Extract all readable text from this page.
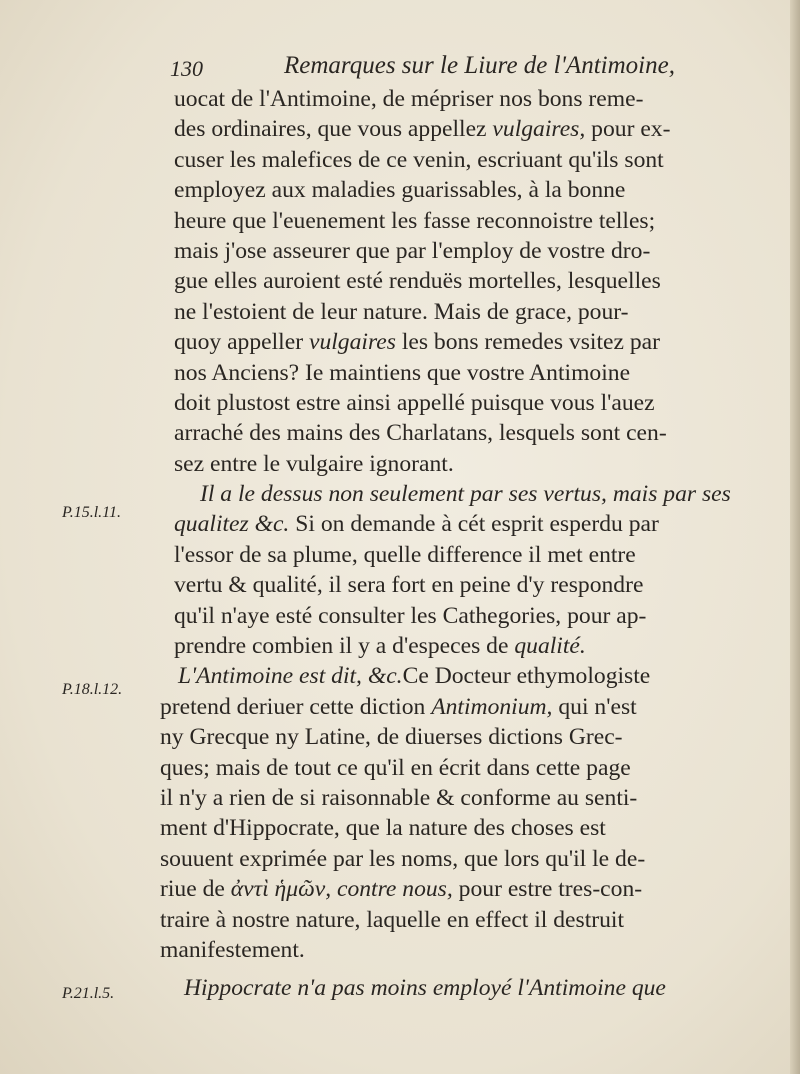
130	Remarques sur le Liure de l'Antimoine,
P.15.l.11.
P.18.l.12.
P.21.l.5.
uocat de l'Antimoine, de mépriser nos bons reme-
des ordinaires, que vous appellez vulgaires, pour ex-
cuser les malefices de ce venin, escriuant qu'ils sont
employez aux maladies guarissables, à la bonne
heure que l'euenement les fasse reconnoistre telles;
mais j'ose asseurer que par l'employ de vostre dro-
gue elles auroient esté renduës mortelles, lesquelles
ne l'estoient de leur nature. Mais de grace, pour-
quoy appeller vulgaires les bons remedes vsitez par
nos Anciens? Ie maintiens que vostre Antimoine
doit plustost estre ainsi appellé puisque vous l'auez
arraché des mains des Charlatans, lesquels sont cen-
sez entre le vulgaire ignorant.
Il a le dessus non seulement par ses vertus, mais par ses
qualitez &c. Si on demande à cét esprit esperdu par
l'essor de sa plume, quelle difference il met entre
vertu & qualité, il sera fort en peine d'y respondre
qu'il n'aye esté consulter les Cathegories, pour ap-
prendre combien il y a d'especes de qualité.
L'Antimoine est dit, &c.Ce Docteur ethymologiste
pretend deriuer cette diction Antimonium, qui n'est
ny Grecque ny Latine, de diuerses dictions Grec-
ques; mais de tout ce qu'il en écrit dans cette page
il n'y a rien de si raisonnable & conforme au senti-
ment d'Hippocrate, que la nature des choses est
souuent exprimée par les noms, que lors qu'il le de-
riue de ἀντὶ ἡμῶν, contre nous, pour estre tres-con-
traire à nostre nature, laquelle en effect il destruit
manifestement.
Hippocrate n'a pas moins employé l'Antimoine que
